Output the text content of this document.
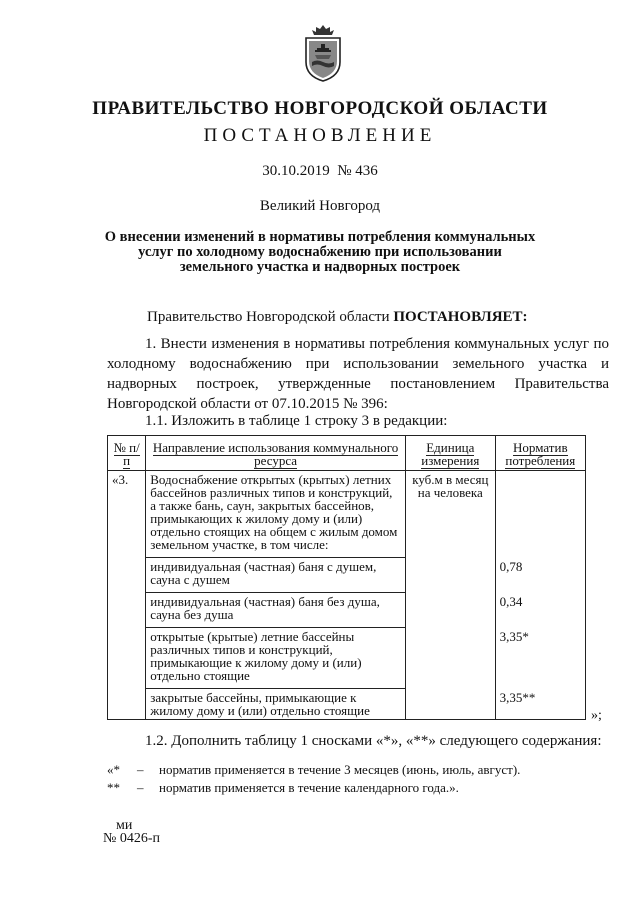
ПРАВИТЕЛЬСТВО НОВГОРОДСКОЙ ОБЛАСТИ
ПОСТАНОВЛЕНИЕ
30.10.2019 № 436
Великий Новгород
О внесении изменений в нормативы потребления коммунальных услуг по холодному водоснабжению при использовании земельного участка и надворных построек
Правительство Новгородской области ПОСТАНОВЛЯЕТ:
1. Внести изменения в нормативы потребления коммунальных услуг по холодному водоснабжению при использовании земельного участка и надворных построек, утвержденные постановлением Правительства Новгородской области от 07.10.2015 № 396:
1.1. Изложить в таблице 1 строку 3 в редакции:
№ п/п	Направление использования коммунального ресурса	Единица измерения	Норматив потребления
«3.	Водоснабжение открытых (крытых) летних бассейнов различных типов и конструкций, а также бань, саун, закрытых бассейнов, примыкающих к жилому дому и (или) отдельно стоящих на общем с жилым домом земельном участке, в том числе:	куб.м в месяц на человека	
	индивидуальная (частная) баня с душем, сауна с душем		0,78
	индивидуальная (частная) баня без душа, сауна без душа		0,34
	открытые (крытые) летние бассейны различных типов и конструкций, примыкающие к жилому дому и (или) отдельно стоящие		3,35*
	закрытые бассейны, примыкающие к жилому дому и (или) отдельно стоящие		3,35**
»;
1.2. Дополнить таблицу 1 сносками «*», «**» следующего содержания:
«* – норматив применяется в течение 3 месяцев (июнь, июль, август).
** – норматив применяется в течение календарного года.».
ми
№ 0426-п
